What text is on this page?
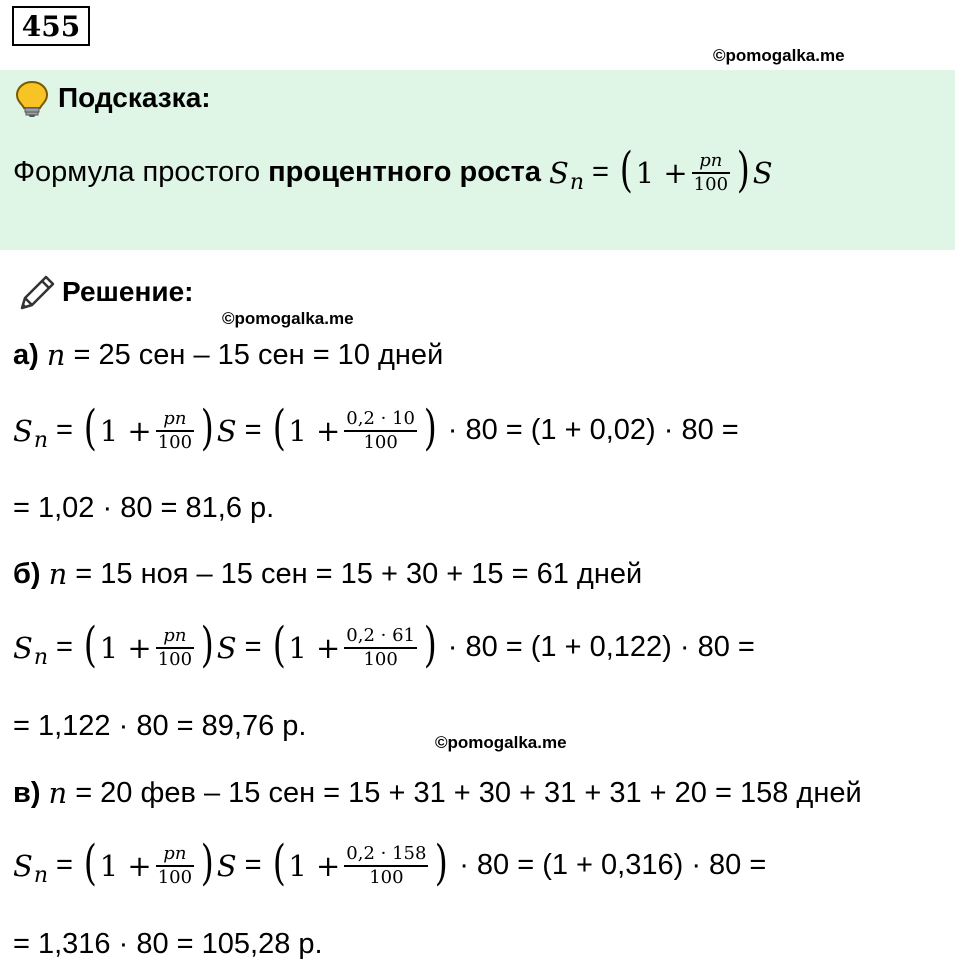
455
©pomogalka.me
©pomogalka.me
©pomogalka.me
Подсказка:
Формула простого процентного роста S n = ( $1 + \frac{pn}{100}$ ) S
Решение:
а) n = 25 сен – 15 сен = 10 дней
S n = ( $1 + \frac{pn}{100}$ ) S = ( $1 + \frac{0,2 \cdot 10}{100}$ ) · 80 = (1 + 0,02) · 80 =
= 1,02 · 80 = 81,6 р.
б) n = 15 ноя – 15 сен = 15 + 30 + 15 = 61 дней
S n = ( $1 + \frac{pn}{100}$ ) S = ( $1 + \frac{0,2 \cdot 61}{100}$ ) · 80 = (1 + 0,122) · 80 =
= 1,122 · 80 = 89,76 р.
в) n = 20 фев – 15 сен = 15 + 31 + 30 + 31 + 31 + 20 = 158 дней
S n = ( $1 + \frac{pn}{100}$ ) S = ( $1 + \frac{0,2 \cdot 158}{100}$ ) · 80 = (1 + 0,316) · 80 =
= 1,316 · 80 = 105,28 р.
